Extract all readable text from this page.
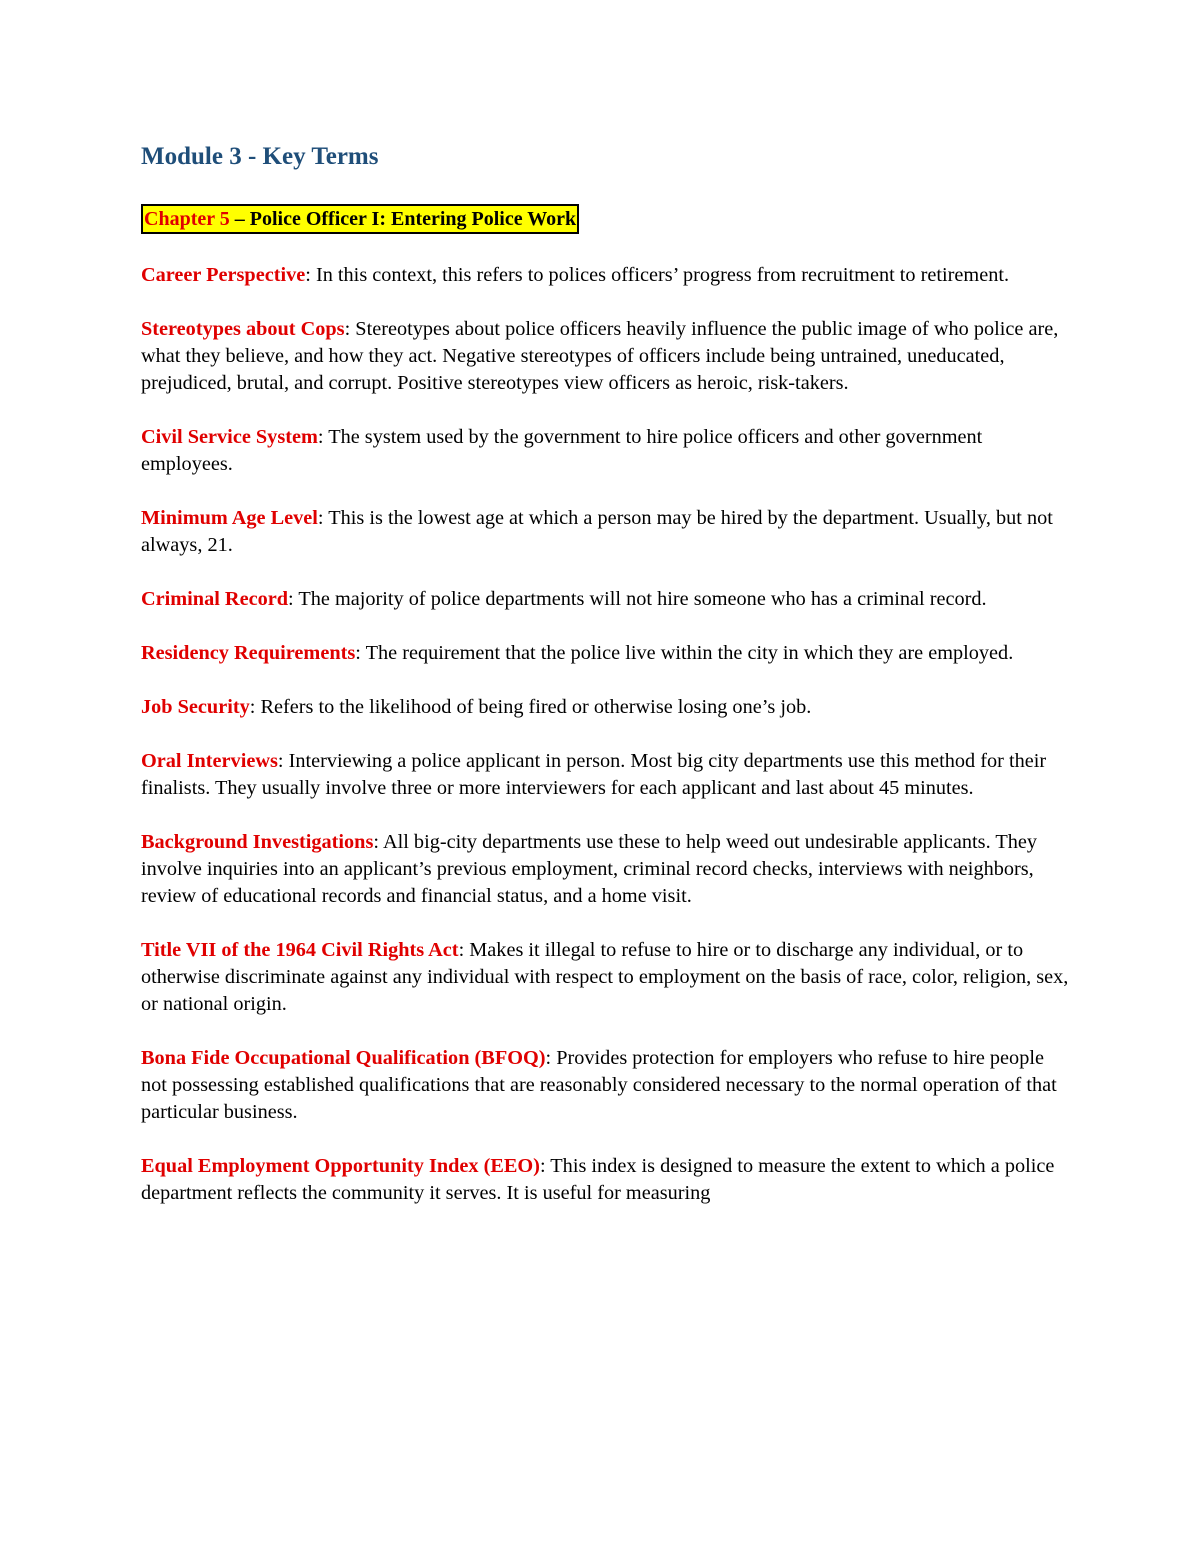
Module 3 - Key Terms
Chapter 5 – Police Officer I: Entering Police Work

Career Perspective: In this context, this refers to polices officers’ progress from recruitment to retirement.

Stereotypes about Cops: Stereotypes about police officers heavily influence the public image of who police are, what they believe, and how they act. Negative stereotypes of officers include being untrained, uneducated, prejudiced, brutal, and corrupt. Positive stereotypes view officers as heroic, risk-takers.

Civil Service System: The system used by the government to hire police officers and other government employees.

Minimum Age Level: This is the lowest age at which a person may be hired by the department. Usually, but not always, 21.

Criminal Record: The majority of police departments will not hire someone who has a criminal record.

Residency Requirements: The requirement that the police live within the city in which they are employed.

Job Security: Refers to the likelihood of being fired or otherwise losing one’s job.

Oral Interviews: Interviewing a police applicant in person. Most big city departments use this method for their finalists. They usually involve three or more interviewers for each applicant and last about 45 minutes.

Background Investigations: All big-city departments use these to help weed out undesirable applicants. They involve inquiries into an applicant’s previous employment, criminal record checks, interviews with neighbors, review of educational records and financial status, and a home visit.

Title VII of the 1964 Civil Rights Act: Makes it illegal to refuse to hire or to discharge any individual, or to otherwise discriminate against any individual with respect to employment on the basis of race, color, religion, sex, or national origin.

Bona Fide Occupational Qualification (BFOQ): Provides protection for employers who refuse to hire people not possessing established qualifications that are reasonably considered necessary to the normal operation of that particular business.

Equal Employment Opportunity Index (EEO): This index is designed to measure the extent to which a police department reflects the community it serves. It is useful for measuring
